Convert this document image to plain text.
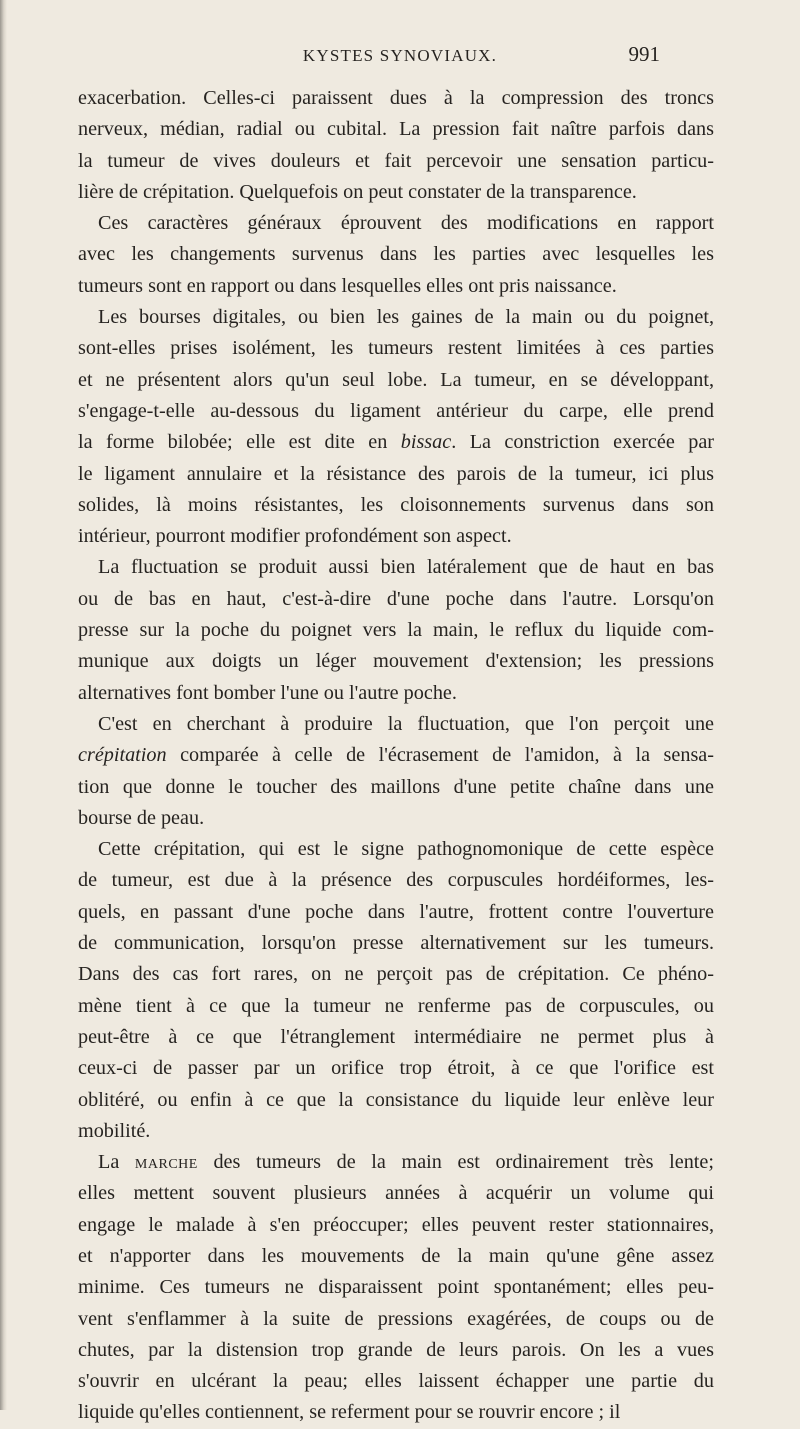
KYSTES SYNOVIAUX.	991
exacerbation. Celles-ci paraissent dues à la compression des troncs
nerveux, médian, radial ou cubital. La pression fait naître parfois dans
la tumeur de vives douleurs et fait percevoir une sensation particu-
lière de crépitation. Quelquefois on peut constater de la transparence.
Ces caractères généraux éprouvent des modifications en rapport
avec les changements survenus dans les parties avec lesquelles les
tumeurs sont en rapport ou dans lesquelles elles ont pris naissance.
Les bourses digitales, ou bien les gaines de la main ou du poignet,
sont-elles prises isolément, les tumeurs restent limitées à ces parties
et ne présentent alors qu'un seul lobe. La tumeur, en se développant,
s'engage-t-elle au-dessous du ligament antérieur du carpe, elle prend
la forme bilobée; elle est dite en bissac. La constriction exercée par
le ligament annulaire et la résistance des parois de la tumeur, ici plus
solides, là moins résistantes, les cloisonnements survenus dans son
intérieur, pourront modifier profondément son aspect.
La fluctuation se produit aussi bien latéralement que de haut en bas
ou de bas en haut, c'est-à-dire d'une poche dans l'autre. Lorsqu'on
presse sur la poche du poignet vers la main, le reflux du liquide com-
munique aux doigts un léger mouvement d'extension; les pressions
alternatives font bomber l'une ou l'autre poche.
C'est en cherchant à produire la fluctuation, que l'on perçoit une
crépitation comparée à celle de l'écrasement de l'amidon, à la sensa-
tion que donne le toucher des maillons d'une petite chaîne dans une
bourse de peau.
Cette crépitation, qui est le signe pathognomonique de cette espèce
de tumeur, est due à la présence des corpuscules hordéiformes, les-
quels, en passant d'une poche dans l'autre, frottent contre l'ouverture
de communication, lorsqu'on presse alternativement sur les tumeurs.
Dans des cas fort rares, on ne perçoit pas de crépitation. Ce phéno-
mène tient à ce que la tumeur ne renferme pas de corpuscules, ou
peut-être à ce que l'étranglement intermédiaire ne permet plus à
ceux-ci de passer par un orifice trop étroit, à ce que l'orifice est
oblitéré, ou enfin à ce que la consistance du liquide leur enlève leur
mobilité.
La marche des tumeurs de la main est ordinairement très lente;
elles mettent souvent plusieurs années à acquérir un volume qui
engage le malade à s'en préoccuper; elles peuvent rester stationnaires,
et n'apporter dans les mouvements de la main qu'une gêne assez
minime. Ces tumeurs ne disparaissent point spontanément; elles peu-
vent s'enflammer à la suite de pressions exagérées, de coups ou de
chutes, par la distension trop grande de leurs parois. On les a vues
s'ouvrir en ulcérant la peau; elles laissent échapper une partie du
liquide qu'elles contiennent, se referment pour se rouvrir encore ; il
